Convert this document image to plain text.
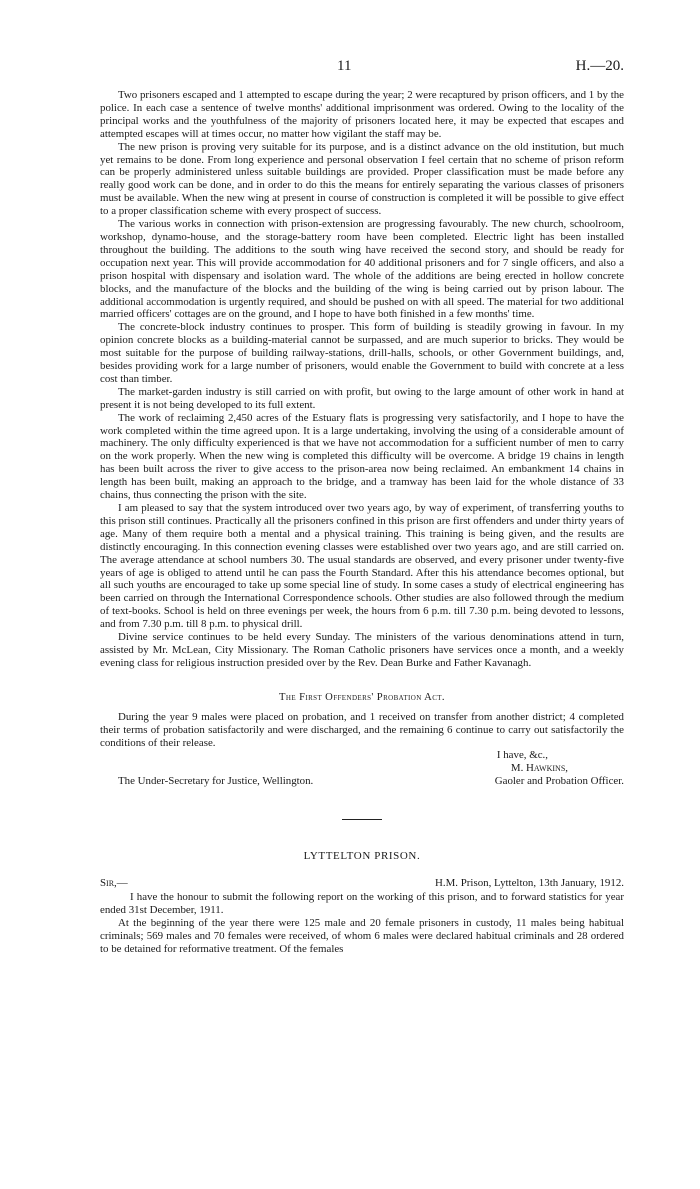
11	H.—20.

Two prisoners escaped and 1 attempted to escape during the year; 2 were recaptured by prison officers, and 1 by the police. In each case a sentence of twelve months' additional imprisonment was ordered. Owing to the locality of the principal works and the youthfulness of the majority of prisoners located here, it may be expected that escapes and attempted escapes will at times occur, no matter how vigilant the staff may be.

The new prison is proving very suitable for its purpose, and is a distinct advance on the old institution, but much yet remains to be done. From long experience and personal observation I feel certain that no scheme of prison reform can be properly administered unless suitable buildings are provided. Proper classification must be made before any really good work can be done, and in order to do this the means for entirely separating the various classes of prisoners must be available. When the new wing at present in course of construction is completed it will be possible to give effect to a proper classification scheme with every prospect of success.

The various works in connection with prison-extension are progressing favourably. The new church, schoolroom, workshop, dynamo-house, and the storage-battery room have been completed. Electric light has been installed throughout the building. The additions to the south wing have received the second story, and should be ready for occupation next year. This will provide accommodation for 40 additional prisoners and for 7 single officers, and also a prison hospital with dispensary and isolation ward. The whole of the additions are being erected in hollow concrete blocks, and the manufacture of the blocks and the building of the wing is being carried out by prison labour. The additional accommodation is urgently required, and should be pushed on with all speed. The material for two additional married officers' cottages are on the ground, and I hope to have both finished in a few months' time.

The concrete-block industry continues to prosper. This form of building is steadily growing in favour. In my opinion concrete blocks as a building-material cannot be surpassed, and are much superior to bricks. They would be most suitable for the purpose of building railway-stations, drill-halls, schools, or other Government buildings, and, besides providing work for a large number of prisoners, would enable the Government to build with concrete at a less cost than timber.

The market-garden industry is still carried on with profit, but owing to the large amount of other work in hand at present it is not being developed to its full extent.

The work of reclaiming 2,450 acres of the Estuary flats is progressing very satisfactorily, and I hope to have the work completed within the time agreed upon. It is a large undertaking, involving the using of a considerable amount of machinery. The only difficulty experienced is that we have not accommodation for a sufficient number of men to carry on the work properly. When the new wing is completed this difficulty will be overcome. A bridge 19 chains in length has been built across the river to give access to the prison-area now being reclaimed. An embankment 14 chains in length has been built, making an approach to the bridge, and a tramway has been laid for the whole distance of 33 chains, thus connecting the prison with the site.

I am pleased to say that the system introduced over two years ago, by way of experiment, of transferring youths to this prison still continues. Practically all the prisoners confined in this prison are first offenders and under thirty years of age. Many of them require both a mental and a physical training. This training is being given, and the results are distinctly encouraging. In this connection evening classes were established over two years ago, and are still carried on. The average attendance at school numbers 30. The usual standards are observed, and every prisoner under twenty-five years of age is obliged to attend until he can pass the Fourth Standard. After this his attendance becomes optional, but all such youths are encouraged to take up some special line of study. In some cases a study of electrical engineering has been carried on through the International Correspondence schools. Other studies are also followed through the medium of text-books. School is held on three evenings per week, the hours from 6 p.m. till 7.30 p.m. being devoted to lessons, and from 7.30 p.m. till 8 p.m. to physical drill.

Divine service continues to be held every Sunday. The ministers of the various denominations attend in turn, assisted by Mr. McLean, City Missionary. The Roman Catholic prisoners have services once a month, and a weekly evening class for religious instruction presided over by the Rev. Dean Burke and Father Kavanagh.

The First Offenders' Probation Act.

During the year 9 males were placed on probation, and 1 received on transfer from another district; 4 completed their terms of probation satisfactorily and were discharged, and the remaining 6 continue to carry out satisfactorily the conditions of their release.

I have, &c.,
M. Hawkins,
Gaoler and Probation Officer.
The Under-Secretary for Justice, Wellington.
LYTTELTON PRISON.
Sir,—	H.M. Prison, Lyttelton, 13th January, 1912.

I have the honour to submit the following report on the working of this prison, and to forward statistics for year ended 31st December, 1911.

At the beginning of the year there were 125 male and 20 female prisoners in custody, 11 males being habitual criminals; 569 males and 70 females were received, of whom 6 males were declared habitual criminals and 28 ordered to be detained for reformative treatment. Of the females
